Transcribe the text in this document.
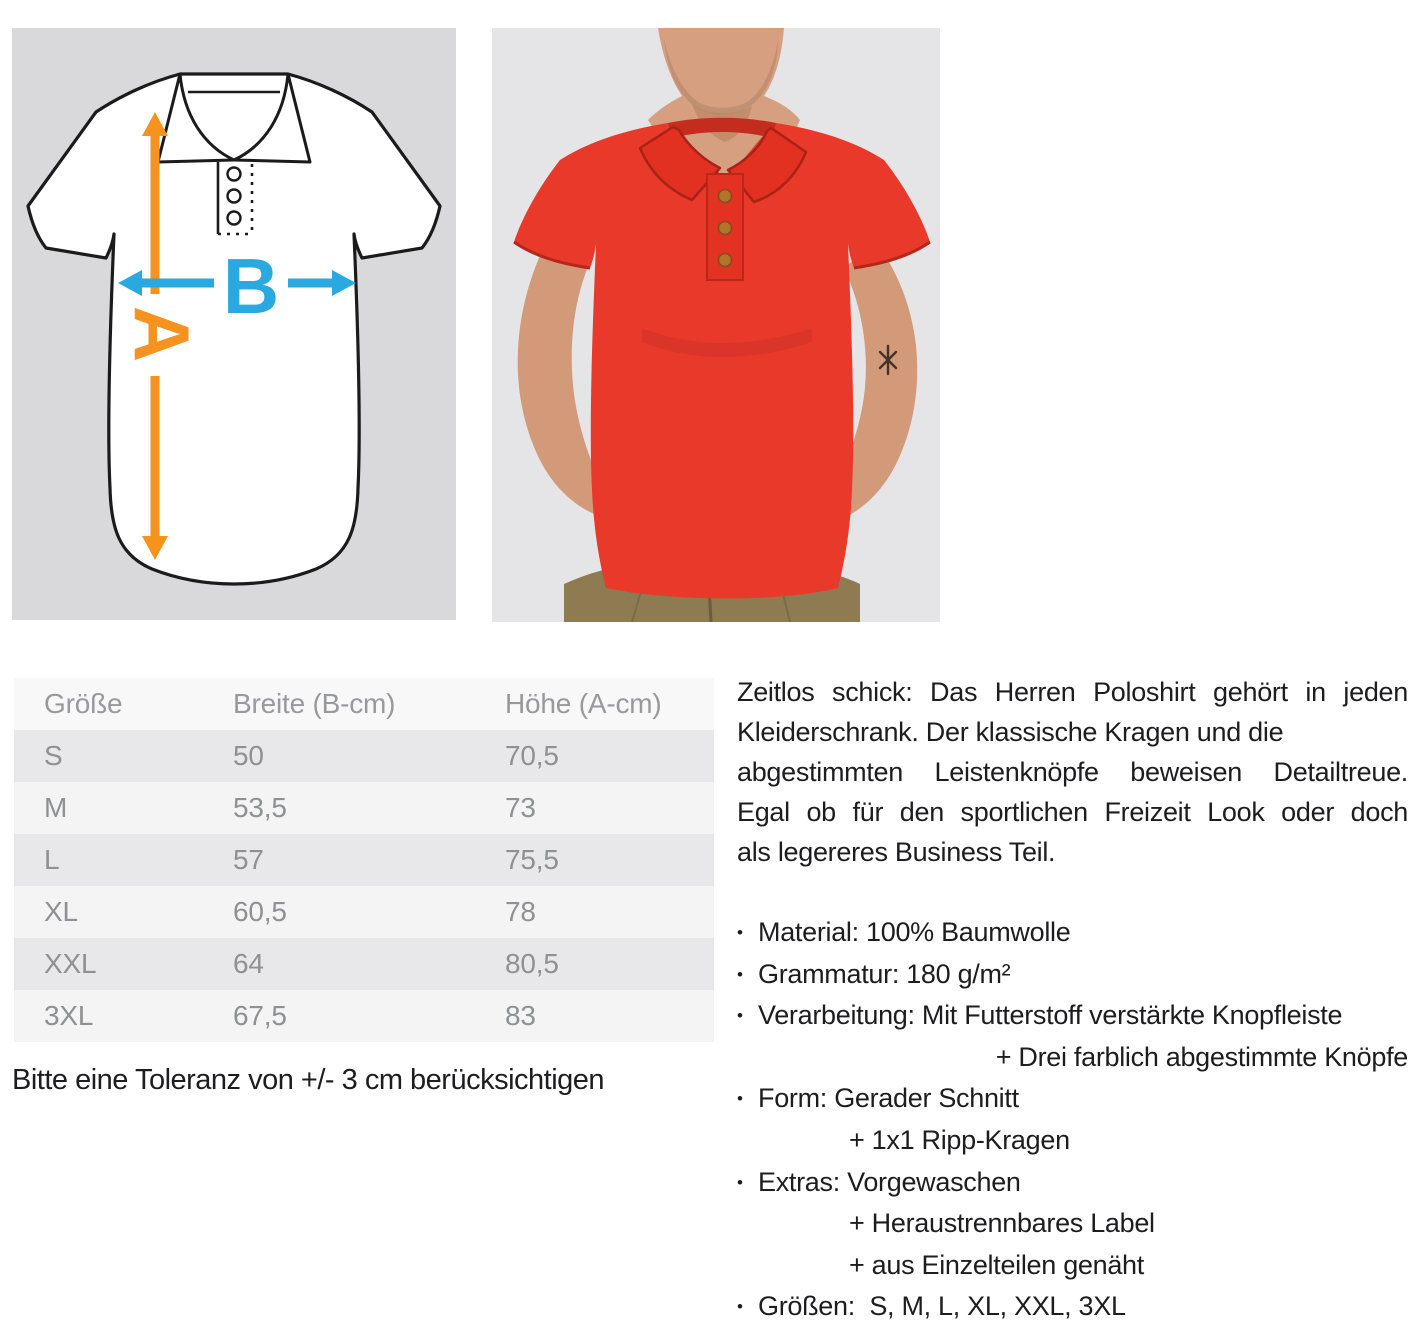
A
B
Größe	Breite (B-cm)	Höhe (A-cm)
S	50	70,5
M	53,5	73
L	57	75,5
XL	60,5	78
XXL	64	80,5
3XL	67,5	83
Bitte eine Toleranz von +/- 3 cm berücksichtigen
Zeitlos schick: Das Herren Poloshirt gehört in jeden
Kleiderschrank. Der klassische Kragen und die
abgestimmten Leistenknöpfe beweisen Detailtreue.
Egal ob für den sportlichen Freizeit Look oder doch
als legereres Business Teil.
• Material: 100% Baumwolle
• Grammatur: 180 g/m²
• Verarbeitung: Mit Futterstoff verstärkte Knopfleiste
+ Drei farblich abgestimmte Knöpfe
• Form: Gerader Schnitt
+ 1x1 Ripp-Kragen
• Extras: Vorgewaschen
+ Heraustrennbares Label
+ aus Einzelteilen genäht
• Größen:  S, M, L, XL, XXL, 3XL
